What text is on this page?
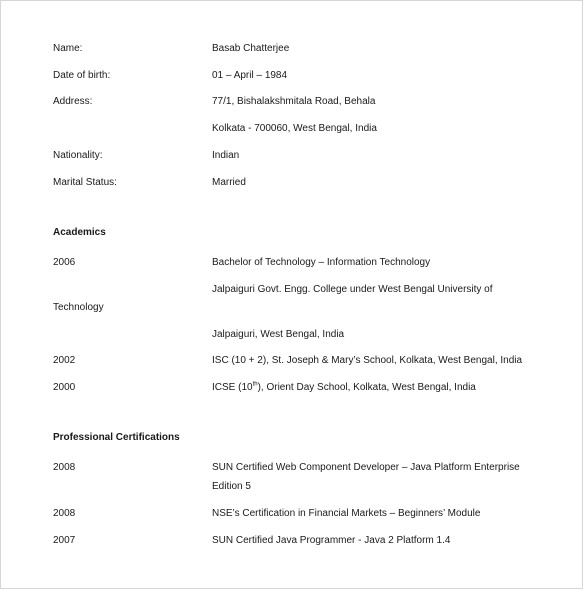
Name:	Basab Chatterjee
Date of birth:	01 – April – 1984
Address:	77/1, Bishalakshmitala Road, Behala
Kolkata - 700060, West Bengal, India
Nationality:	Indian
Marital Status:	Married
Academics
2006	Bachelor of Technology – Information Technology
Jalpaiguri Govt. Engg. College under West Bengal University of
Technology
Jalpaiguri, West Bengal, India
2002	ISC (10 + 2), St. Joseph & Mary’s School, Kolkata, West Bengal, India
2000	ICSE (10th), Orient Day School, Kolkata, West Bengal, India
Professional Certifications
2008	SUN Certified Web Component Developer – Java Platform Enterprise
Edition 5
2008	NSE’s Certification in Financial Markets – Beginners’ Module
2007	SUN Certified Java Programmer - Java 2 Platform 1.4
